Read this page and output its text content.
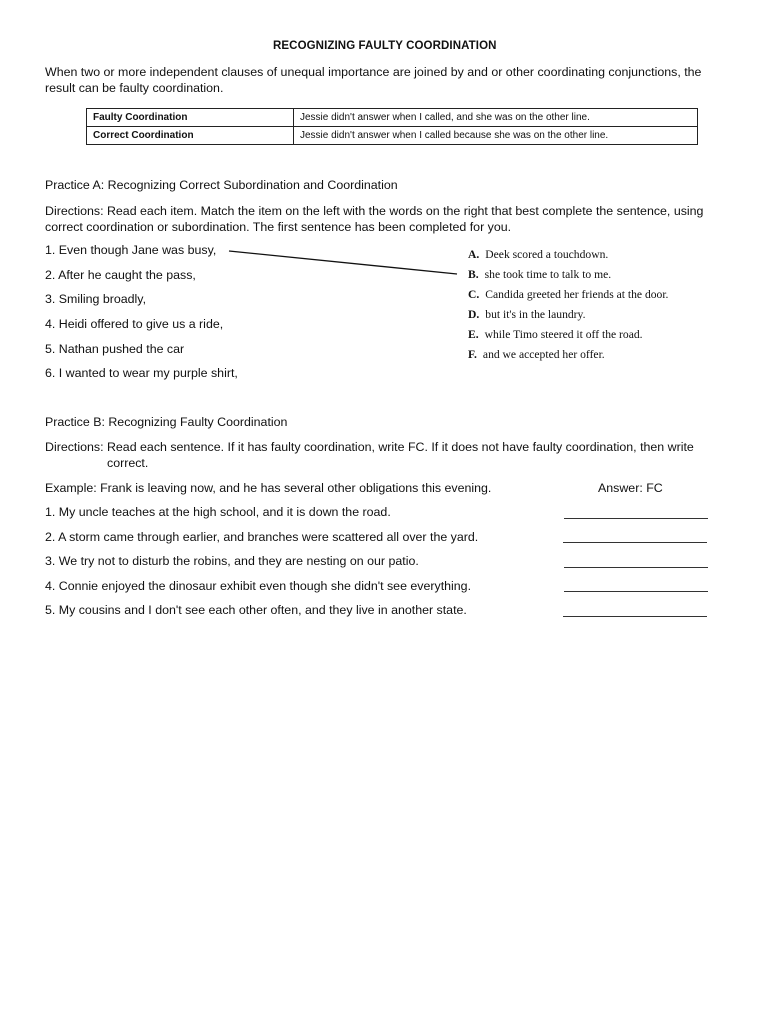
RECOGNIZING FAULTY COORDINATION
When two or more independent clauses of unequal importance are joined by and or other coordinating conjunctions, the result can be faulty coordination.
Faulty Coordination	Jessie didn't answer when I called, and she was on the other line.
Correct Coordination	Jessie didn't answer when I called because she was on the other line.
Practice A: Recognizing Correct Subordination and Coordination
Directions: Read each item. Match the item on the left with the words on the right that best complete the sentence, using correct coordination or subordination. The first sentence has been completed for you.
1. Even though Jane was busy,
2. After he caught the pass,
3. Smiling broadly,
4. Heidi offered to give us a ride,
5. Nathan pushed the car
6. I wanted to wear my purple shirt,
A. Deek scored a touchdown.
B. she took time to talk to me.
C. Candida greeted her friends at the door.
D. but it's in the laundry.
E. while Timo steered it off the road.
F. and we accepted her offer.
Practice B: Recognizing Faulty Coordination
Directions: Read each sentence. If it has faulty coordination, write FC. If it does not have faulty coordination, then write
correct.
Example: Frank is leaving now, and he has several other obligations this evening.	Answer: FC
1. My uncle teaches at the high school, and it is down the road.
2. A storm came through earlier, and branches were scattered all over the yard.
3. We try not to disturb the robins, and they are nesting on our patio.
4. Connie enjoyed the dinosaur exhibit even though she didn't see everything.
5. My cousins and I don't see each other often, and they live in another state.
